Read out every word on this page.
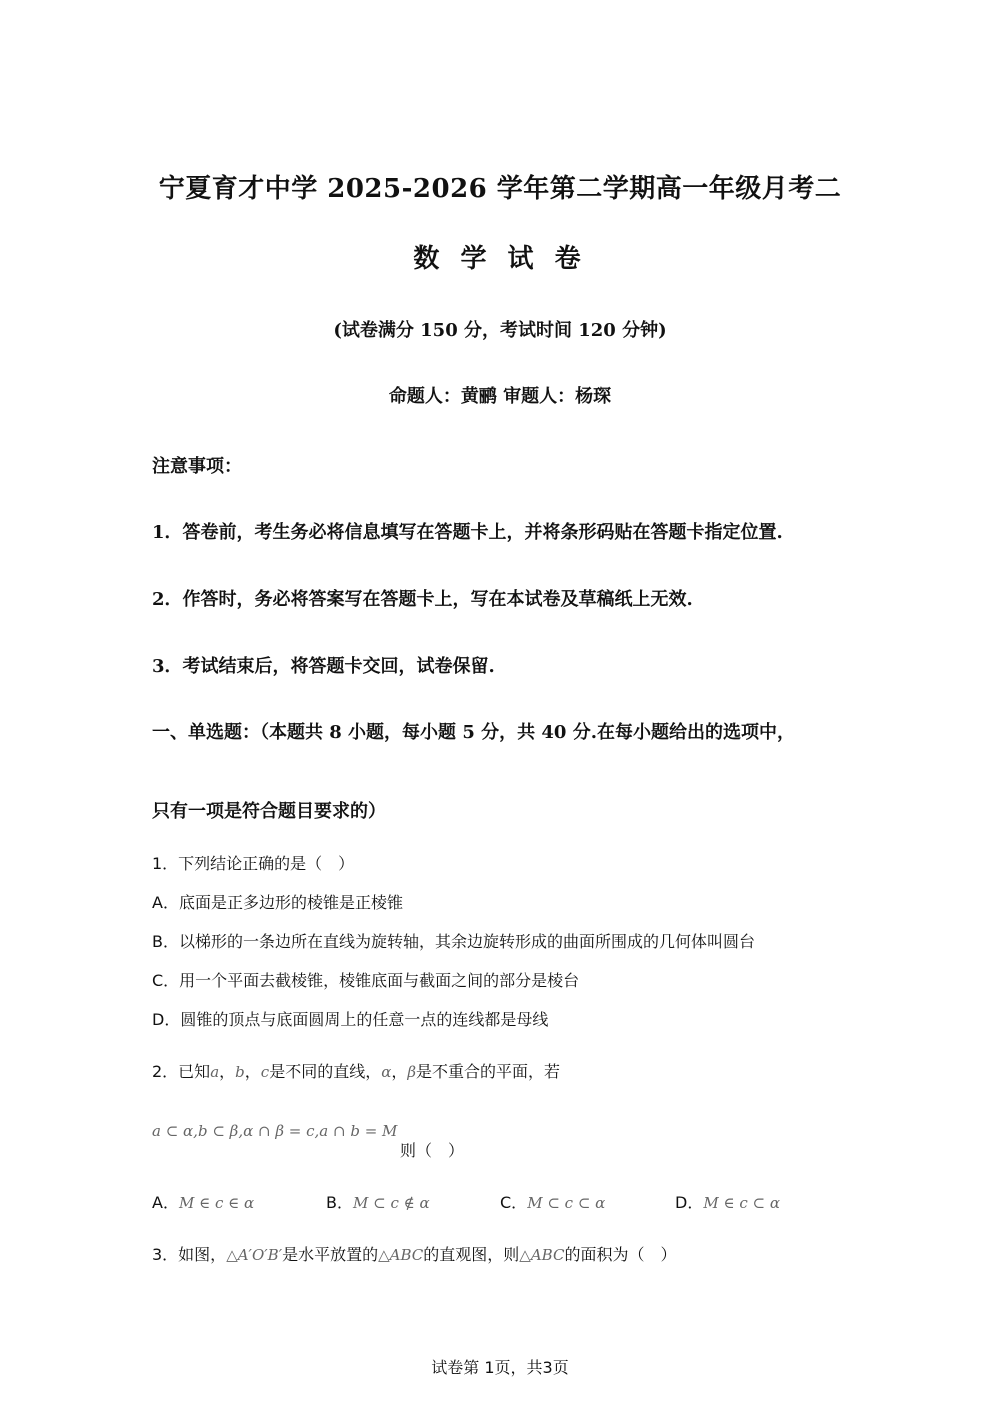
宁夏育才中学 2025-2026 学年第二学期高一年级月考二
数 学 试 卷
(试卷满分 150 分，考试时间 120 分钟)
命题人：黄鹂 审题人：杨琛
注意事项：
1．答卷前，考生务必将信息填写在答题卡上，并将条形码贴在答题卡指定位置.
2．作答时，务必将答案写在答题卡上，写在本试卷及草稿纸上无效.
3．考试结束后，将答题卡交回，试卷保留.
一、单选题：（本题共 8 小题，每小题 5 分，共 40 分.在每小题给出的选项中，
只有一项是符合题目要求的）
1．下列结论正确的是（　）
A．底面是正多边形的棱锥是正棱锥
B．以梯形的一条边所在直线为旋转轴，其余边旋转形成的曲面所围成的几何体叫圆台
C．用一个平面去截棱锥，棱锥底面与截面之间的部分是棱台
D．圆锥的顶点与底面圆周上的任意一点的连线都是母线
2．已知a，b，c是不同的直线，α，β是不重合的平面，若
a ⊂ α,b ⊂ β,α ∩ β = c,a ∩ b = M
则（　）
A．M ∈ c ∈ α	B．M ⊂ c ∉ α	C．M ⊂ c ⊂ α	D．M ∈ c ⊂ α
3．如图，△A′O′B′是水平放置的△ABC的直观图，则△ABC的面积为（　）
试卷第 1页，共3页
